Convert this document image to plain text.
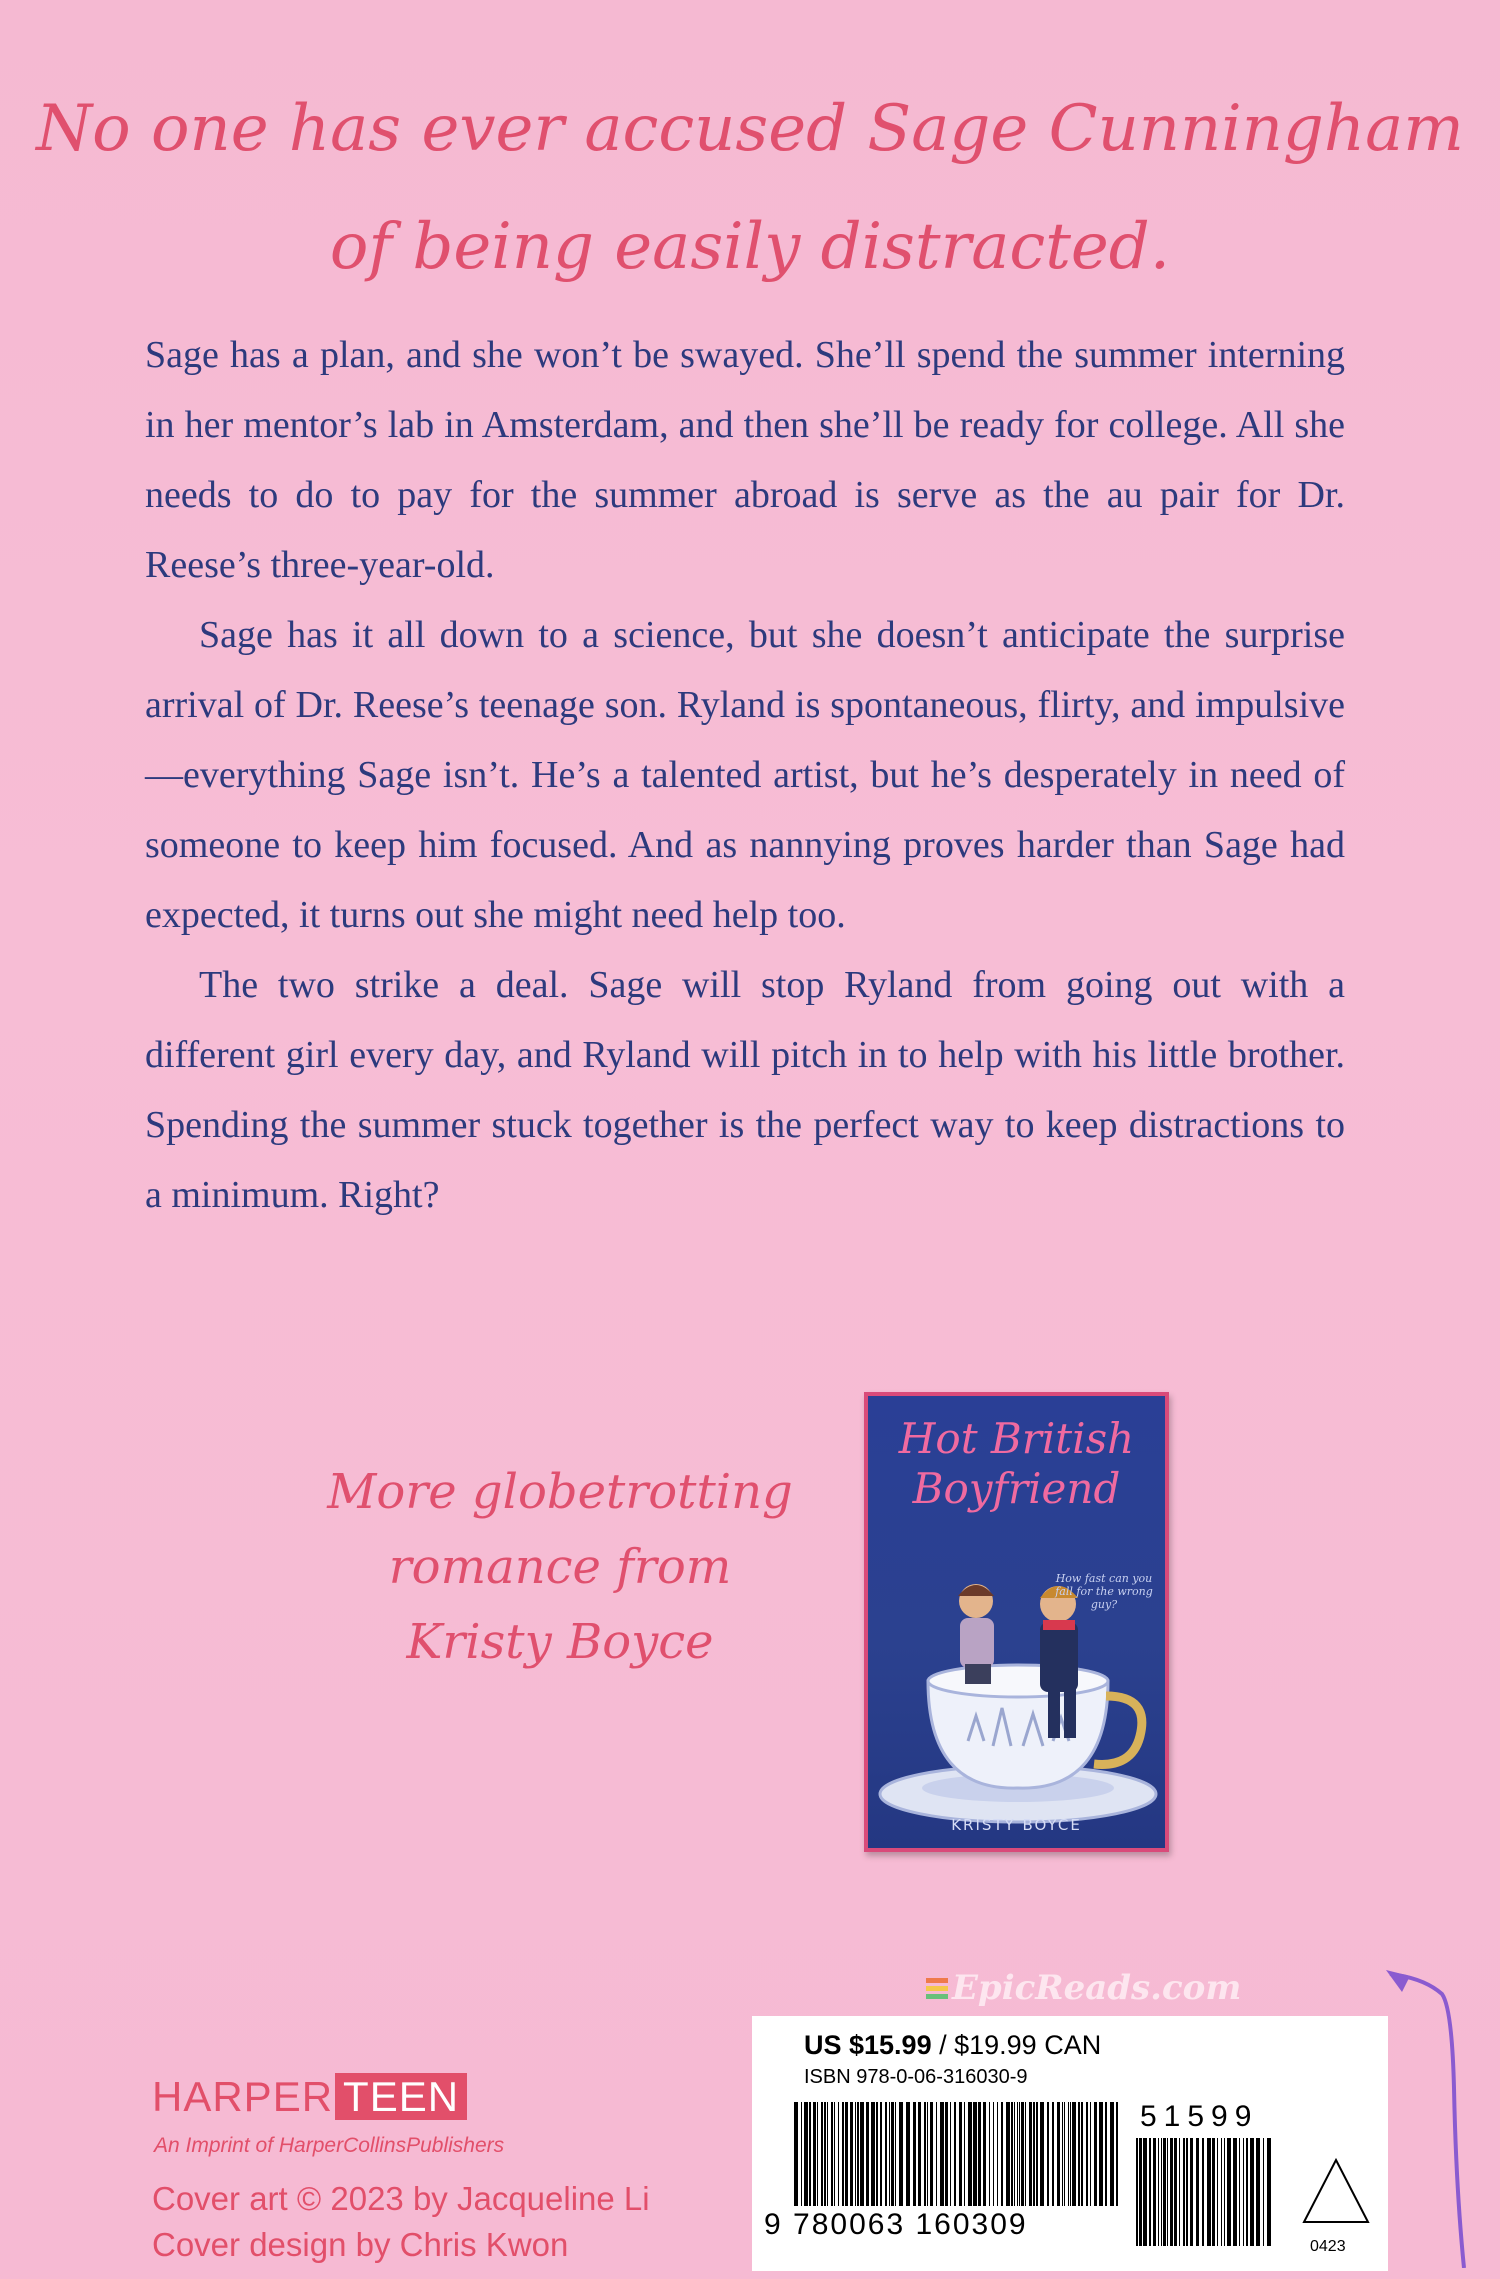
No one has ever accused Sage Cunningham
of being easily distracted.

Sage has a plan, and she won’t be swayed. She’ll spend the summer interning in her mentor’s lab in Amsterdam, and then she’ll be ready for college. All she needs to do to pay for the summer abroad is serve as the au pair for Dr. Reese’s three-year-old.

Sage has it all down to a science, but she doesn’t anticipate the surprise arrival of Dr. Reese’s teenage son. Ryland is spontaneous, flirty, and impulsive—everything Sage isn’t. He’s a talented artist, but he’s desperately in need of someone to keep him focused. And as nannying proves harder than Sage had expected, it turns out she might need help too.

The two strike a deal. Sage will stop Ryland from going out with a different girl every day, and Ryland will pitch in to help with his little brother. Spending the summer stuck together is the perfect way to keep distractions to a minimum. Right?

More globetrotting
romance from
Kristy Boyce
Hot British
Boyfriend
How fast can you fall for the wrong guy?
KRISTY BOYCE
EpicReads.com
HARPER TEEN
An Imprint of HarperCollinsPublishers
Cover art © 2023 by Jacqueline Li
Cover design by Chris Kwon
US $15.99 / $19.99 CAN
ISBN 978-0-06-316030-9
9 780063 160309
51599
0423
